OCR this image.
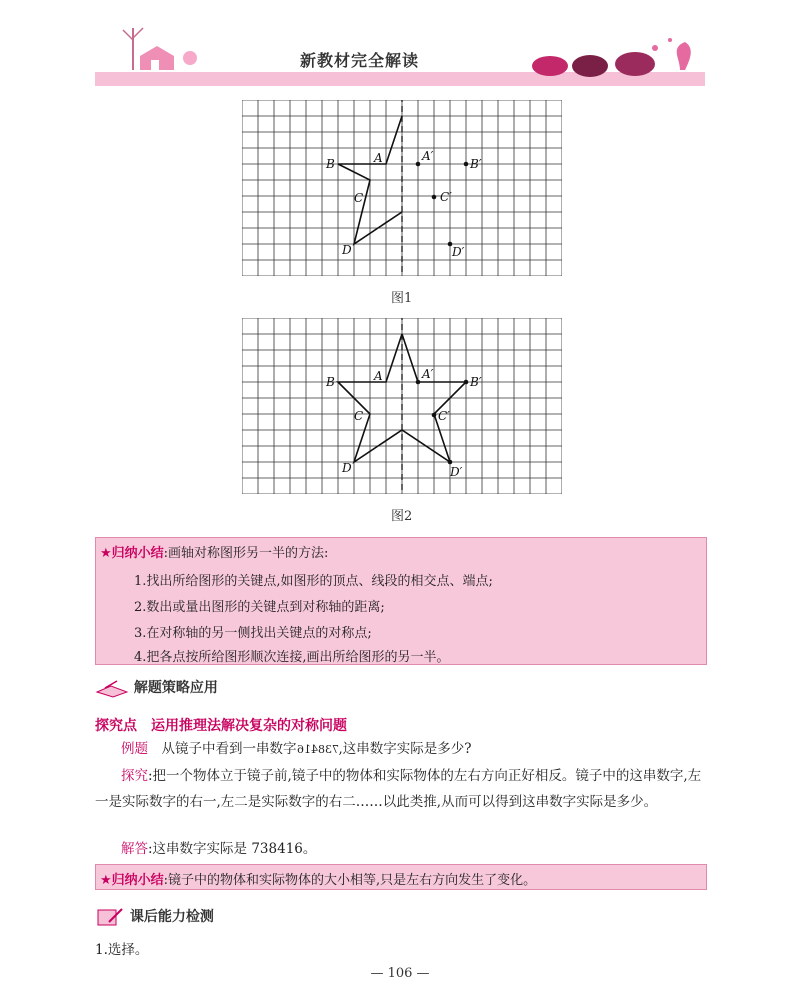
新教材完全解读
B	A
C
D
A′
B′
C′
D′
图1
B	A
C
D
A′
B′
C′
D′
图2
★归纳小结:画轴对称图形另一半的方法:
1.找出所给图形的关键点,如图形的顶点、线段的相交点、端点;
2.数出或量出图形的关键点到对称轴的距离;
3.在对称轴的另一侧找出关键点的对称点;
4.把各点按所给图形顺次连接,画出所给图形的另一半。
解题策略应用
探究点　运用推理法解决复杂的对称问题
例题　 从镜子中看到一串数字738416,这串数字实际是多少?
探究:把一个物体立于镜子前,镜子中的物体和实际物体的左右方向正好相反。镜子中的这串数字,左一是实际数字的右一,左二是实际数字的右二……以此类推,从而可以得到这串数字实际是多少。
解答:这串数字实际是 738416。
★归纳小结:镜子中的物体和实际物体的大小相等,只是左右方向发生了变化。
课后能力检测
1.选择。
— 106 —
